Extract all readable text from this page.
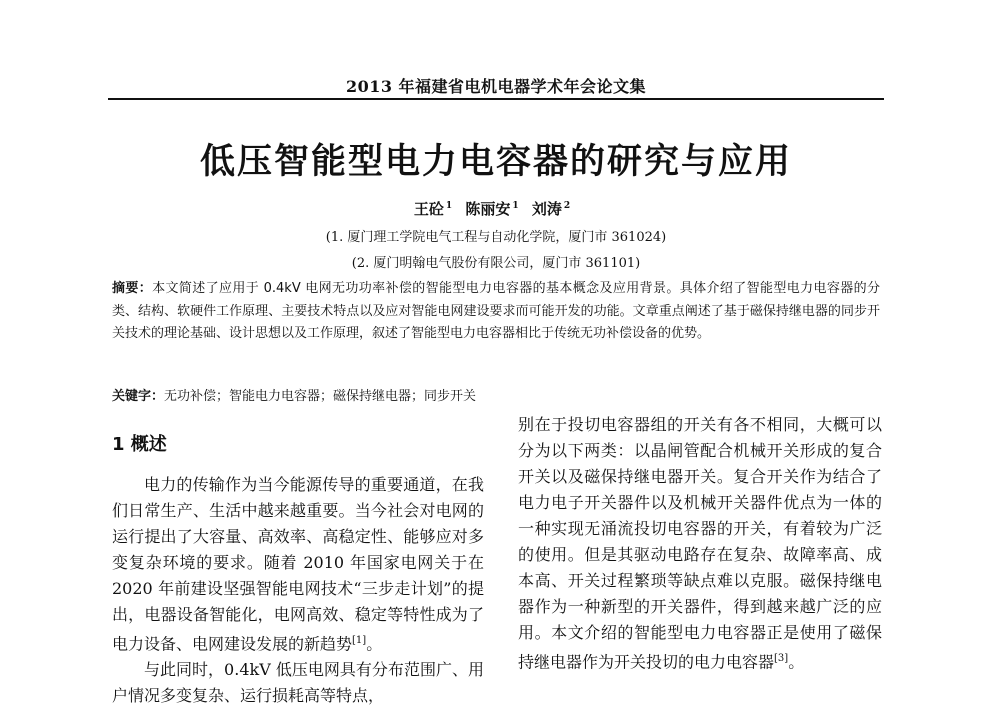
2013 年福建省电机电器学术年会论文集
低压智能型电力电容器的研究与应用
王砼 $^1$ 陈丽安 $^1$ 刘涛 $^2$
(1. 厦门理工学院电气工程与自动化学院，厦门市 361024)
(2. 厦门明翰电气股份有限公司，厦门市 361101)
摘要：本文简述了应用于 0.4kV 电网无功功率补偿的智能型电力电容器的基本概念及应用背景。具体介绍了智能型电力电容器的分类、结构、软硬件工作原理、主要技术特点以及应对智能电网建设要求而可能开发的功能。文章重点阐述了基于磁保持继电器的同步开关技术的理论基础、设计思想以及工作原理，叙述了智能型电力电容器相比于传统无功补偿设备的优势。
关键字：无功补偿；智能电力电容器；磁保持继电器；同步开关
1 概述

电力的传输作为当今能源传导的重要通道，在我们日常生产、生活中越来越重要。当今社会对电网的运行提出了大容量、高效率、高稳定性、能够应对多变复杂环境的要求。随着 2010 年国家电网关于在 2020 年前建设坚强智能电网技术“三步走计划”的提出，电器设备智能化，电网高效、稳定等特性成为了电力设备、电网建设发展的新趋势[1]。

与此同时，0.4kV 低压电网具有分布范围广、用户情况多变复杂、运行损耗高等特点，

别在于投切电容器组的开关有各不相同，大概可以分为以下两类：以晶闸管配合机械开关形成的复合开关以及磁保持继电器开关。复合开关作为结合了电力电子开关器件以及机械开关器件优点为一体的一种实现无涌流投切电容器的开关，有着较为广泛的使用。但是其驱动电路存在复杂、故障率高、成本高、开关过程繁琐等缺点难以克服。磁保持继电器作为一种新型的开关器件，得到越来越广泛的应用。本文介绍的智能型电力电容器正是使用了磁保持继电器作为开关投切的电力电容器[3]。
